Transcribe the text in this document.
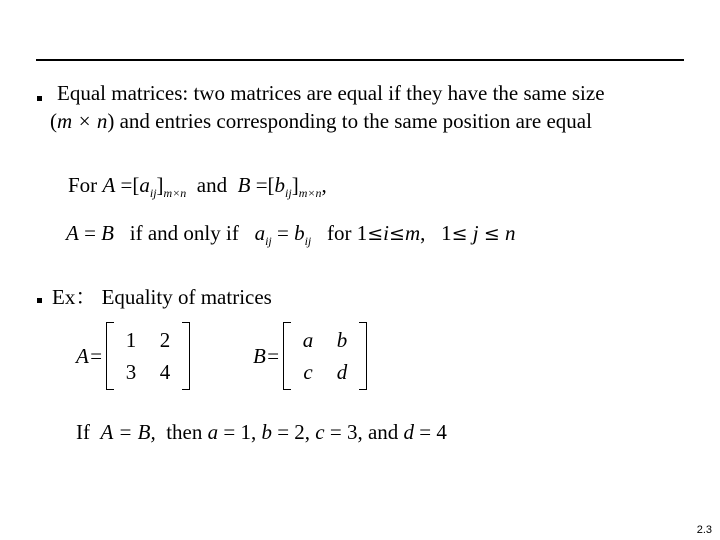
Equal matrices: two matrices are equal if they have the same size
(m × n) and entries corresponding to the same position are equal
For $A =[a_{ij}]_{m\times n}$ and $B =[b_{ij}]_{m\times n}$,
A = B if and only if $a_{ij} = b_{ij}$ for 1≤i≤m, 1≤ j ≤ n
Ex： Equality of matrices
A=
1	2
3	4
B=
a	b
c	d
If A = B, then a = 1, b = 2, c = 3, and d = 4
2.3
